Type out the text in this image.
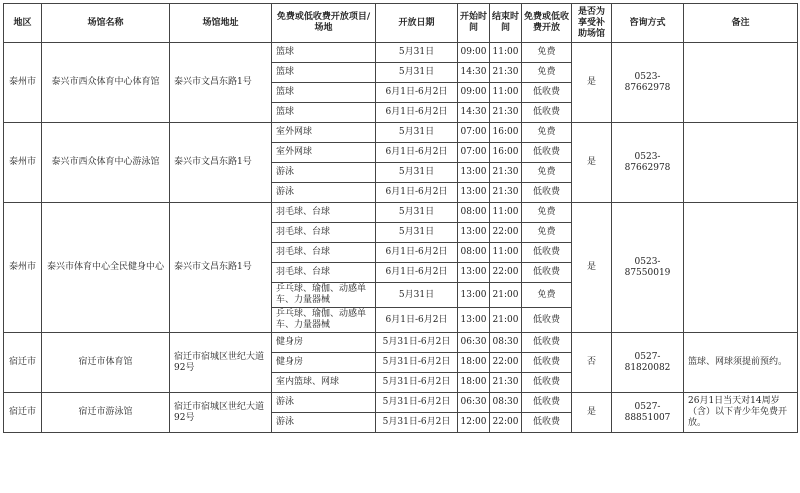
地区	场馆名称	场馆地址	免费或低收费开放项目/场地	开放日期	开始时间	结束时间	免费或低收费开放	是否为享受补助场馆	咨询方式	备注
泰州市	泰兴市西众体育中心体育馆	泰兴市文昌东路1号	篮球	5月31日	09:00	11:00	免费	是	0523-87662978	
			篮球	5月31日	14:30	21:30	免费			
			篮球	6月1日-6月2日	09:00	11:00	低收费			
			篮球	6月1日-6月2日	14:30	21:30	低收费			
泰州市	泰兴市西众体育中心游泳馆	泰兴市文昌东路1号	室外网球	5月31日	07:00	16:00	免费	是	0523-87662978	
			室外网球	6月1日-6月2日	07:00	16:00	低收费			
			游泳	5月31日	13:00	21:30	免费			
			游泳	6月1日-6月2日	13:00	21:30	低收费			
泰州市	泰兴市体育中心全民健身中心	泰兴市文昌东路1号	羽毛球、台球	5月31日	08:00	11:00	免费	是	0523-87550019	
			羽毛球、台球	5月31日	13:00	22:00	免费			
			羽毛球、台球	6月1日-6月2日	08:00	11:00	低收费			
			羽毛球、台球	6月1日-6月2日	13:00	22:00	低收费			
			乒乓球、瑜伽、动感单车、力量器械	5月31日	13:00	21:00	免费			
			乒乓球、瑜伽、动感单车、力量器械	6月1日-6月2日	13:00	21:00	低收费			
宿迁市	宿迁市体育馆	宿迁市宿城区世纪大道92号	健身房	5月31日-6月2日	06:30	08:30	低收费	否	0527-81820082	篮球、网球须提前预约。
			健身房	5月31日-6月2日	18:00	22:00	低收费			
			室内篮球、网球	5月31日-6月2日	18:00	21:30	低收费			
宿迁市	宿迁市游泳馆	宿迁市宿城区世纪大道92号	游泳	5月31日-6月2日	06:30	08:30	低收费	是	0527-88851007	26月1日当天对14周岁（含）以下青少年免费开放。
			游泳	5月31日-6月2日	12:00	22:00	低收费			
